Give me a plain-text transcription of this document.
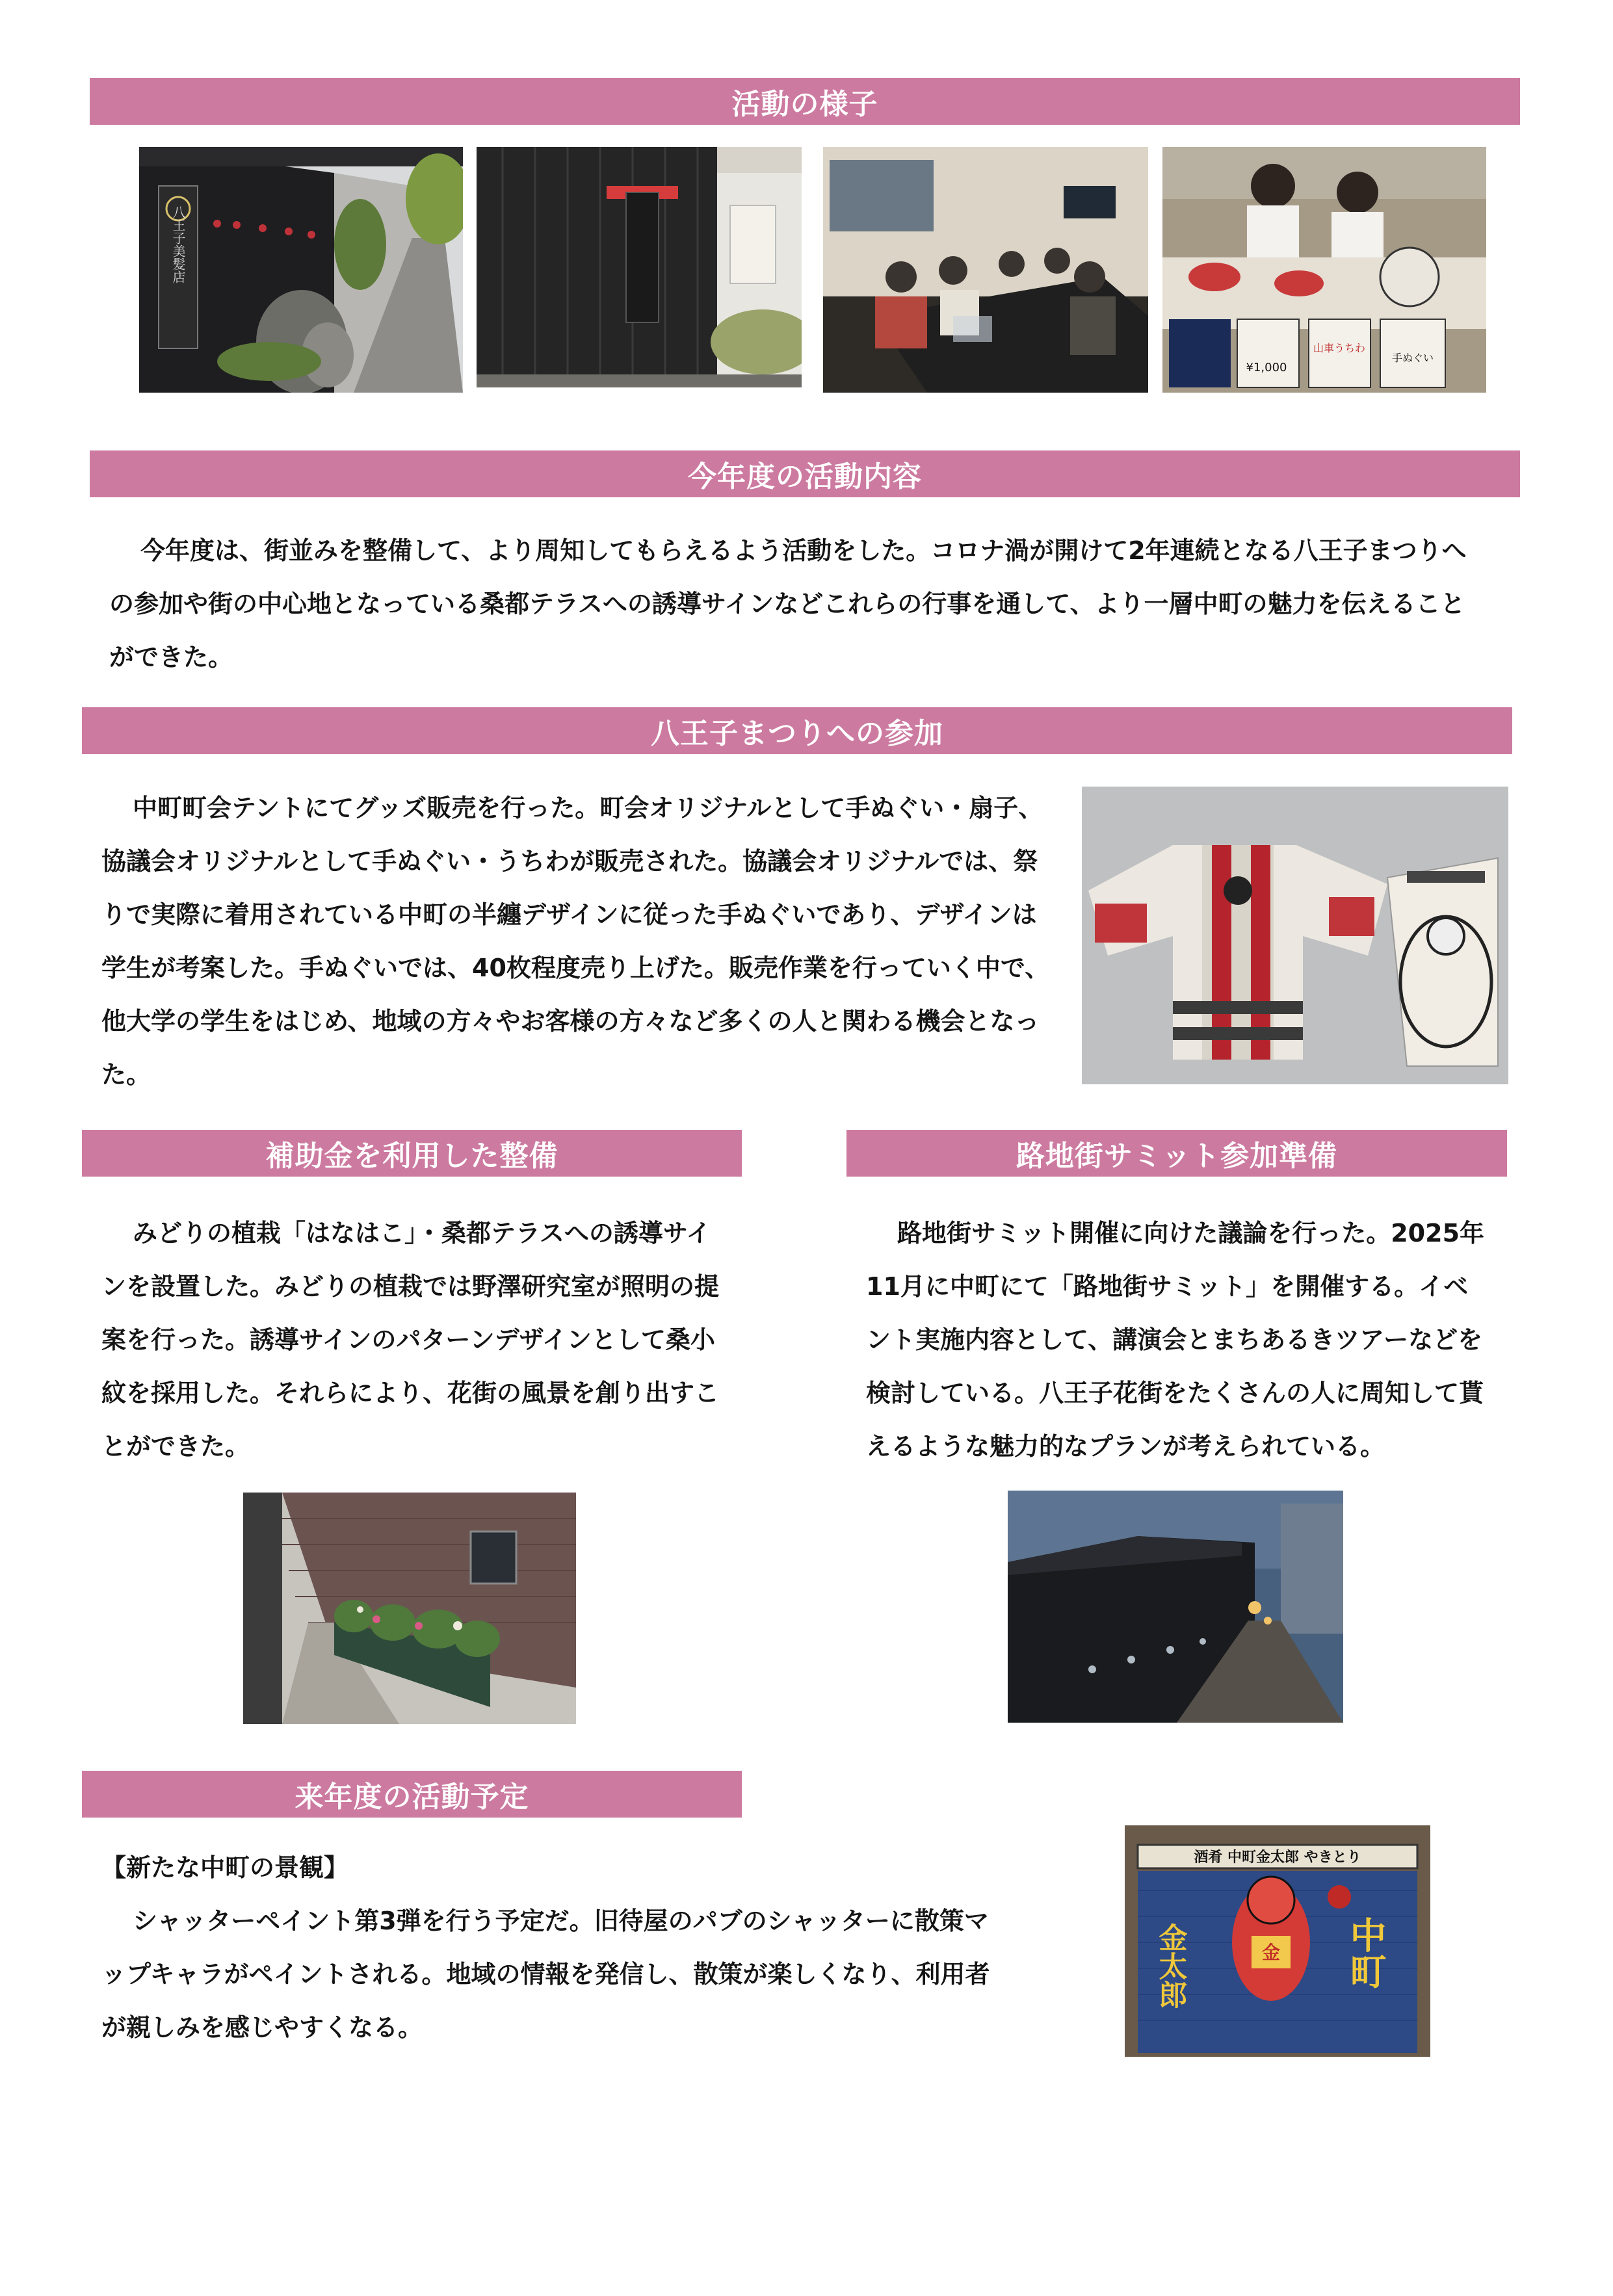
活動の様子
八王子美髪店
¥1,000
山車うちわ
手ぬぐい
今年度の活動内容
今年度は、街並みを整備して、より周知してもらえるよう活動をした。コロナ渦が開けて2年連続となる八王子まつりへの参加や街の中心地となっている桑都テラスへの誘導サインなどこれらの行事を通して、より一層中町の魅力を伝えることができた。
八王子まつりへの参加
中町町会テントにてグッズ販売を行った。町会オリジナルとして手ぬぐい・扇子、協議会オリジナルとして手ぬぐい・うちわが販売された。協議会オリジナルでは、祭りで実際に着用されている中町の半纏デザインに従った手ぬぐいであり、デザインは学生が考案した。手ぬぐいでは、40枚程度売り上げた。販売作業を行っていく中で、他大学の学生をはじめ、地域の方々やお客様の方々など多くの人と関わる機会となった。
補助金を利用した整備
みどりの植栽「はなはこ」・桑都テラスへの誘導サインを設置した。みどりの植栽では野澤研究室が照明の提案を行った。誘導サインのパターンデザインとして桑小紋を採用した。それらにより、花街の風景を創り出すことができた。
路地街サミット参加準備
路地街サミット開催に向けた議論を行った。2025年11月に中町にて「路地街サミット」を開催する。イベント実施内容として、講演会とまちあるきツアーなどを検討している。八王子花街をたくさんの人に周知して貰えるような魅力的なプランが考えられている。
来年度の活動予定
【新たな中町の景観】
シャッターペイント第3弾を行う予定だ。旧待屋のパブのシャッターに散策マップキャラがペイントされる。地域の情報を発信し、散策が楽しくなり、利用者が親しみを感じやすくなる。
酒肴 中町金太郎 やきとり
金太郎	金 中町
